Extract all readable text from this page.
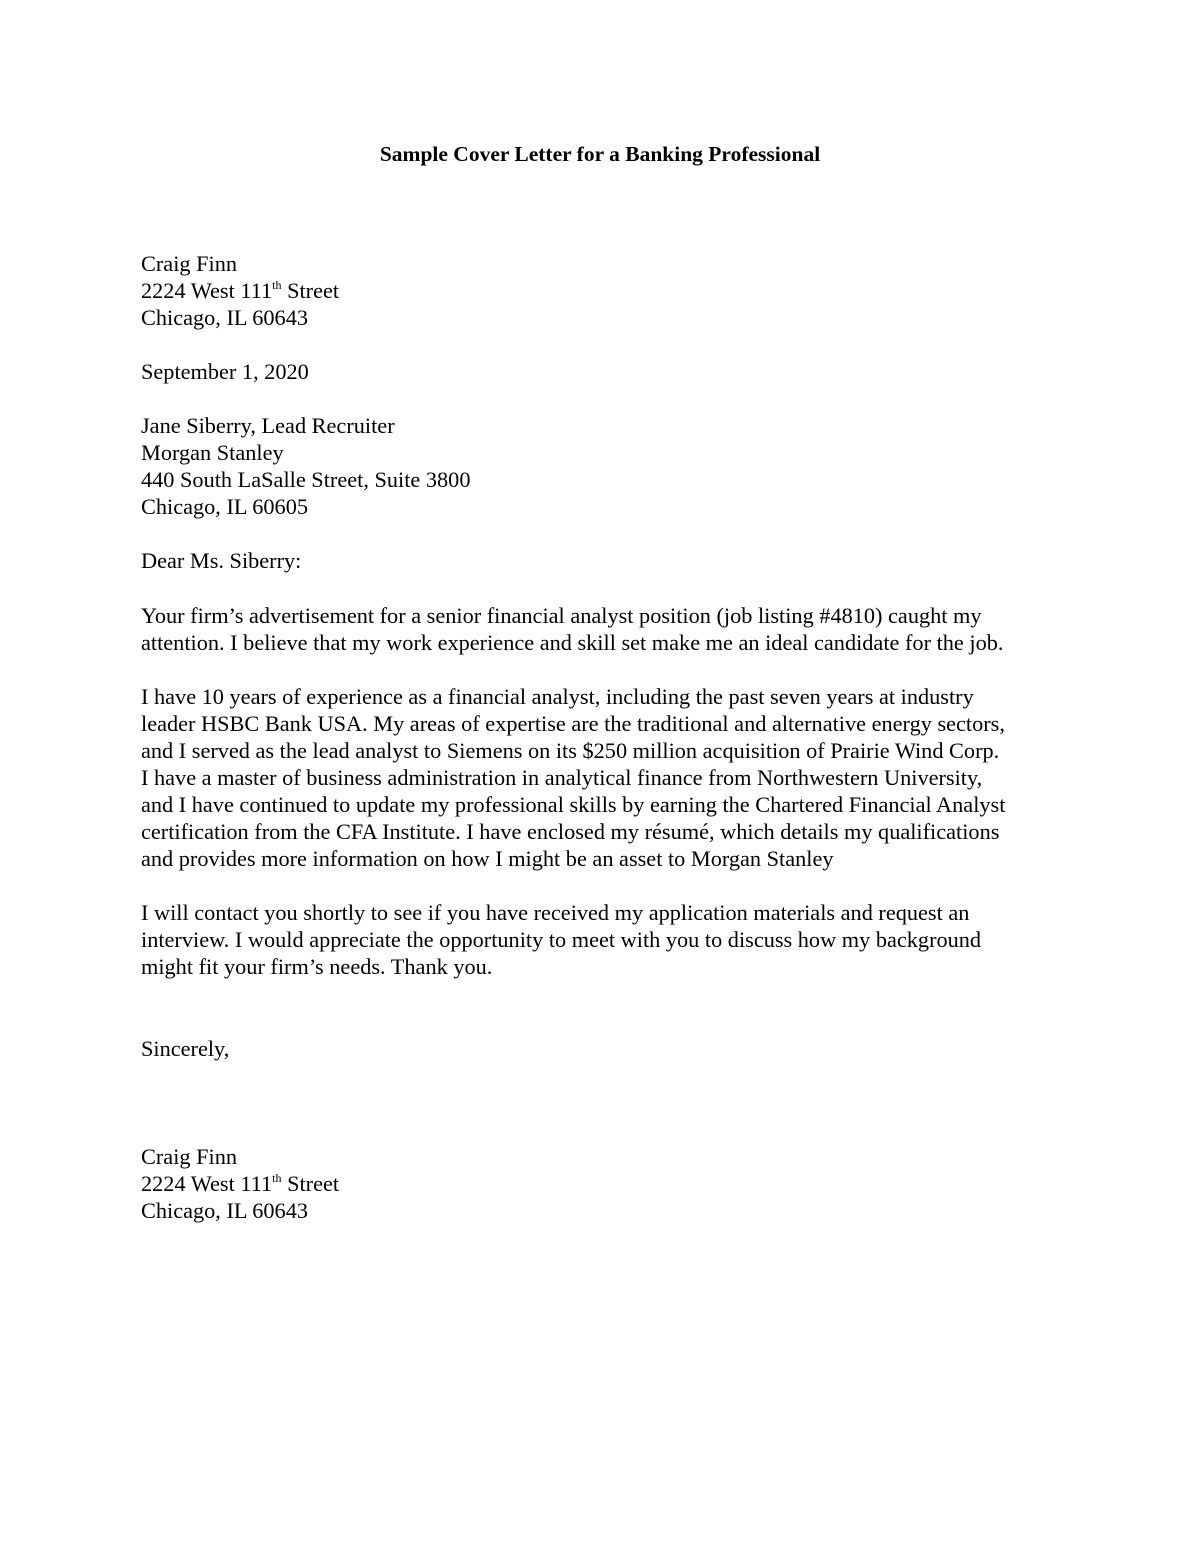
Sample Cover Letter for a Banking Professional
Craig Finn
2224 West 111th Street
Chicago, IL 60643
September 1, 2020
Jane Siberry, Lead Recruiter
Morgan Stanley
440 South LaSalle Street, Suite 3800
Chicago, IL 60605
Dear Ms. Siberry:
Your firm’s advertisement for a senior financial analyst position (job listing #4810) caught my
attention. I believe that my work experience and skill set make me an ideal candidate for the job.
I have 10 years of experience as a financial analyst, including the past seven years at industry
leader HSBC Bank USA. My areas of expertise are the traditional and alternative energy sectors,
and I served as the lead analyst to Siemens on its $250 million acquisition of Prairie Wind Corp.
I have a master of business administration in analytical finance from Northwestern University,
and I have continued to update my professional skills by earning the Chartered Financial Analyst
certification from the CFA Institute. I have enclosed my résumé, which details my qualifications
and provides more information on how I might be an asset to Morgan Stanley
I will contact you shortly to see if you have received my application materials and request an
interview. I would appreciate the opportunity to meet with you to discuss how my background
might fit your firm’s needs. Thank you.
Sincerely,
Craig Finn
2224 West 111th Street
Chicago, IL 60643
